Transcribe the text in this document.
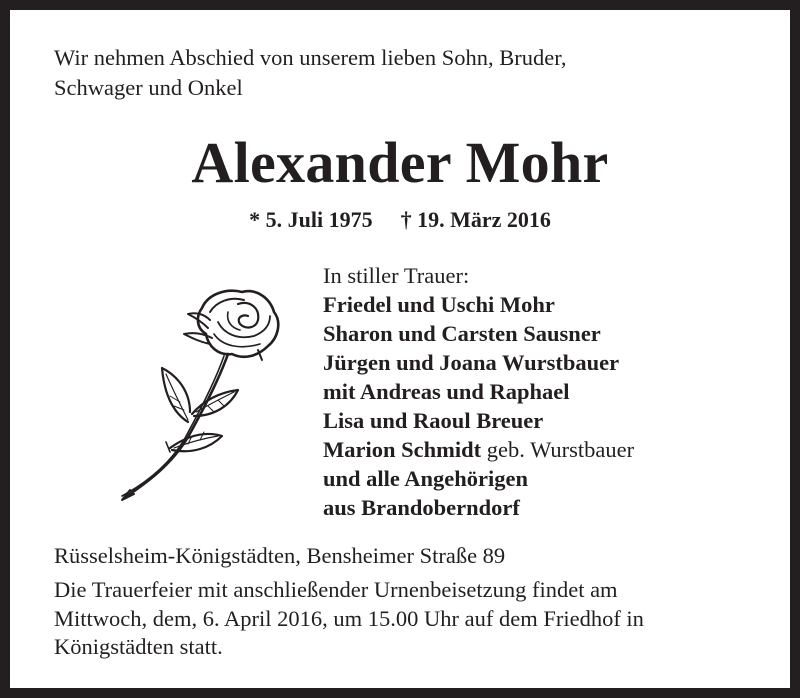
Wir nehmen Abschied von unserem lieben Sohn, Bruder,
Schwager und Onkel
Alexander Mohr
* 5. Juli 1975 † 19. März 2016
In stiller Trauer:
Friedel und Uschi Mohr
Sharon und Carsten Sausner
Jürgen und Joana Wurstbauer
mit Andreas und Raphael
Lisa und Raoul Breuer
Marion Schmidt geb. Wurstbauer
und alle Angehörigen
aus Brandoberndorf
Rüsselsheim-Königstädten, Bensheimer Straße 89
Die Trauerfeier mit anschließender Urnenbeisetzung findet am
Mittwoch, dem, 6. April 2016, um 15.00 Uhr auf dem Friedhof in
Königstädten statt.
